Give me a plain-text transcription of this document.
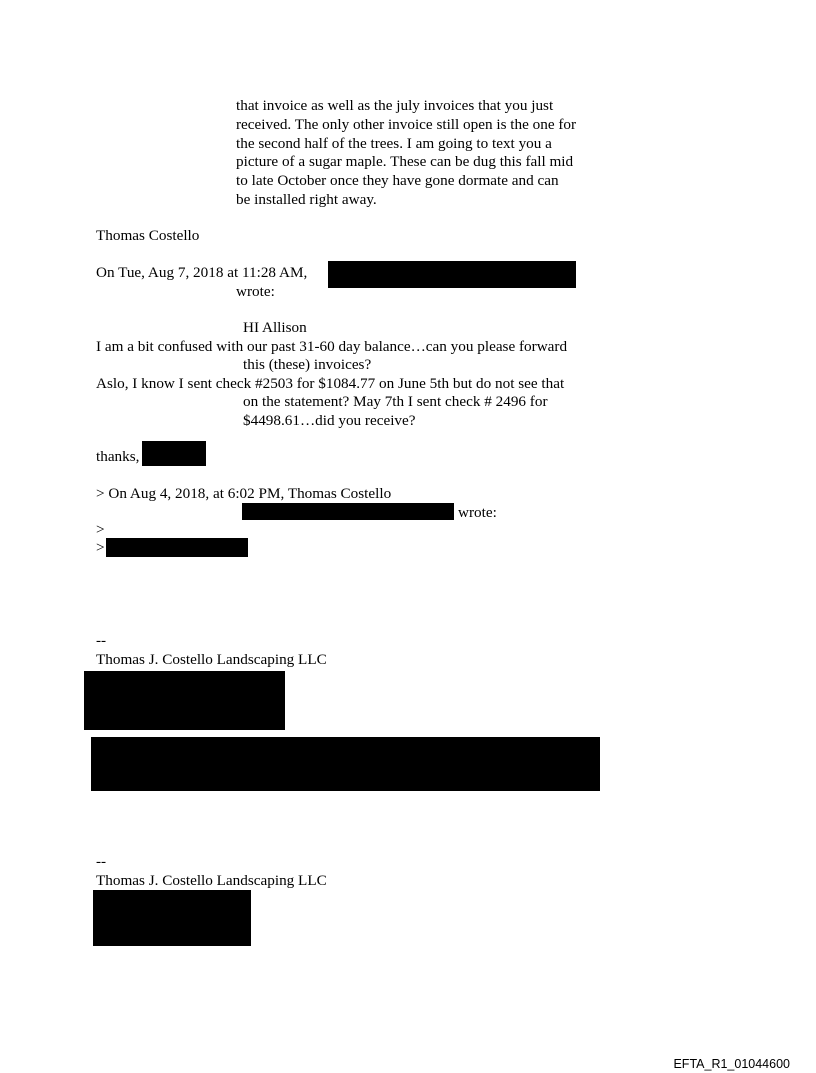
that invoice as well as the july invoices that you just
received. The only other invoice still open is the one for
the second half of the trees. I am going to text you a
picture of a sugar maple. These can be dug this fall mid
to late October once they have gone dormate and can
be installed right away.
Thomas Costello
On Tue, Aug 7, 2018 at 11:28 AM,
wrote:
HI Allison
I am a bit confused with our past 31-60 day balance…can you please forward
this (these) invoices?
Aslo, I know I sent check #2503 for $1084.77 on June 5th but do not see that
on the statement? May 7th I sent check # 2496 for
$4498.61…did you receive?
thanks,
> On Aug 4, 2018, at 6:02 PM, Thomas Costello
wrote:
>
>
--
Thomas J. Costello Landscaping LLC
--
Thomas J. Costello Landscaping LLC
EFTA_R1_01044600
